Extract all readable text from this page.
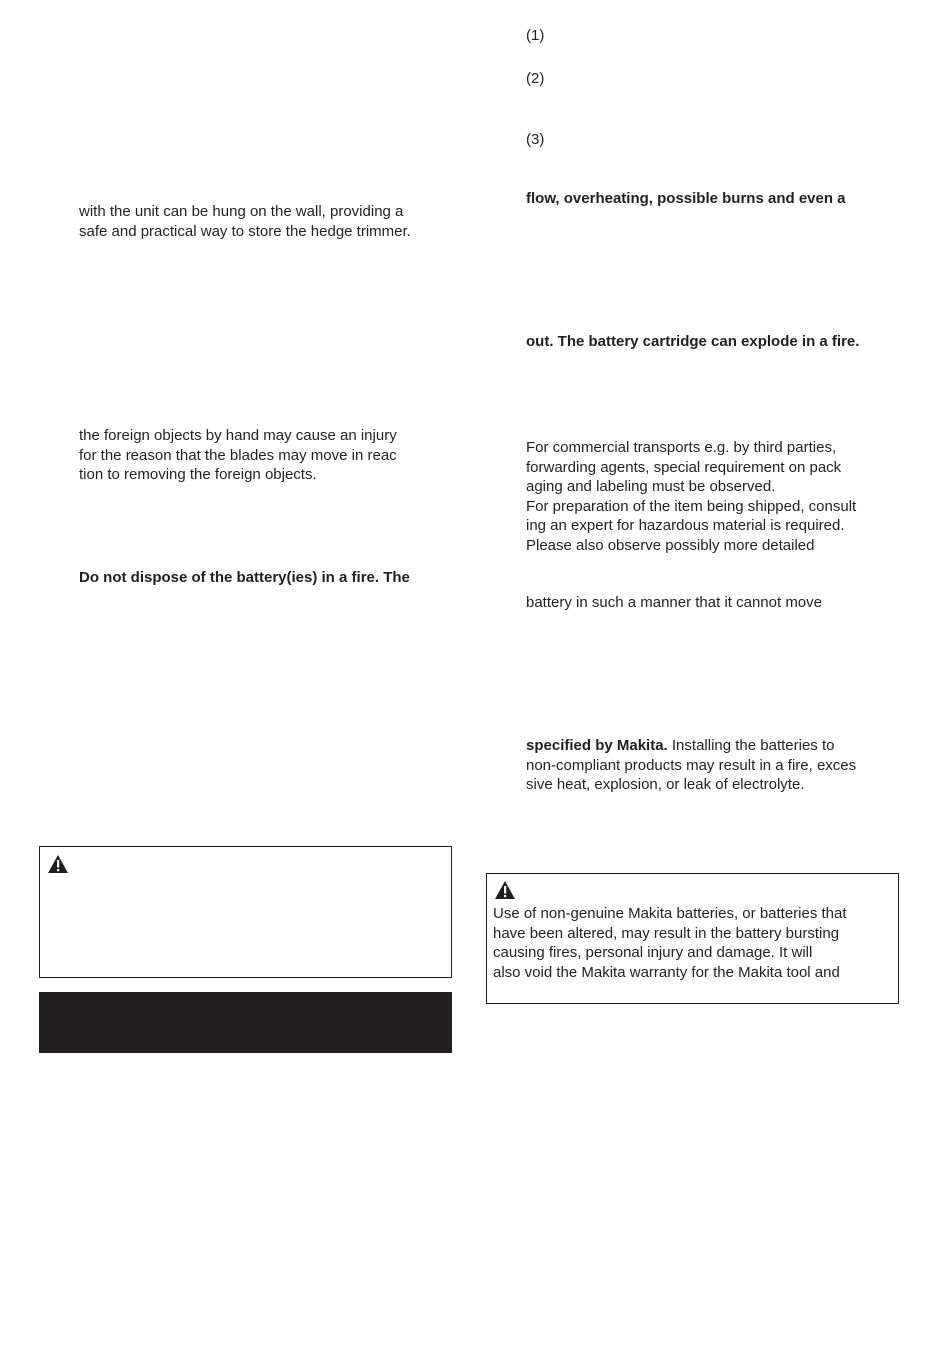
with the unit can be hung on the wall, providing a
safe and practical way to store the hedge trimmer.
the foreign objects by hand may cause an injury
for the reason that the blades may move in reac
tion to removing the foreign objects.
Do not dispose of the battery(ies) in a fire. The
(1)
(2)
(3)
flow, overheating, possible burns and even a
out. The battery cartridge can explode in a fire.
For commercial transports e.g. by third parties,
forwarding agents, special requirement on pack
aging and labeling must be observed.
For preparation of the item being shipped, consult
ing an expert for hazardous material is required.
Please also observe possibly more detailed
battery in such a manner that it cannot move
specified by Makita. Installing the batteries to
non-compliant products may result in a fire, exces
sive heat, explosion, or leak of electrolyte.
Use of non-genuine Makita batteries, or batteries that
have been altered, may result in the battery bursting
causing fires, personal injury and damage. It will
also void the Makita warranty for the Makita tool and
